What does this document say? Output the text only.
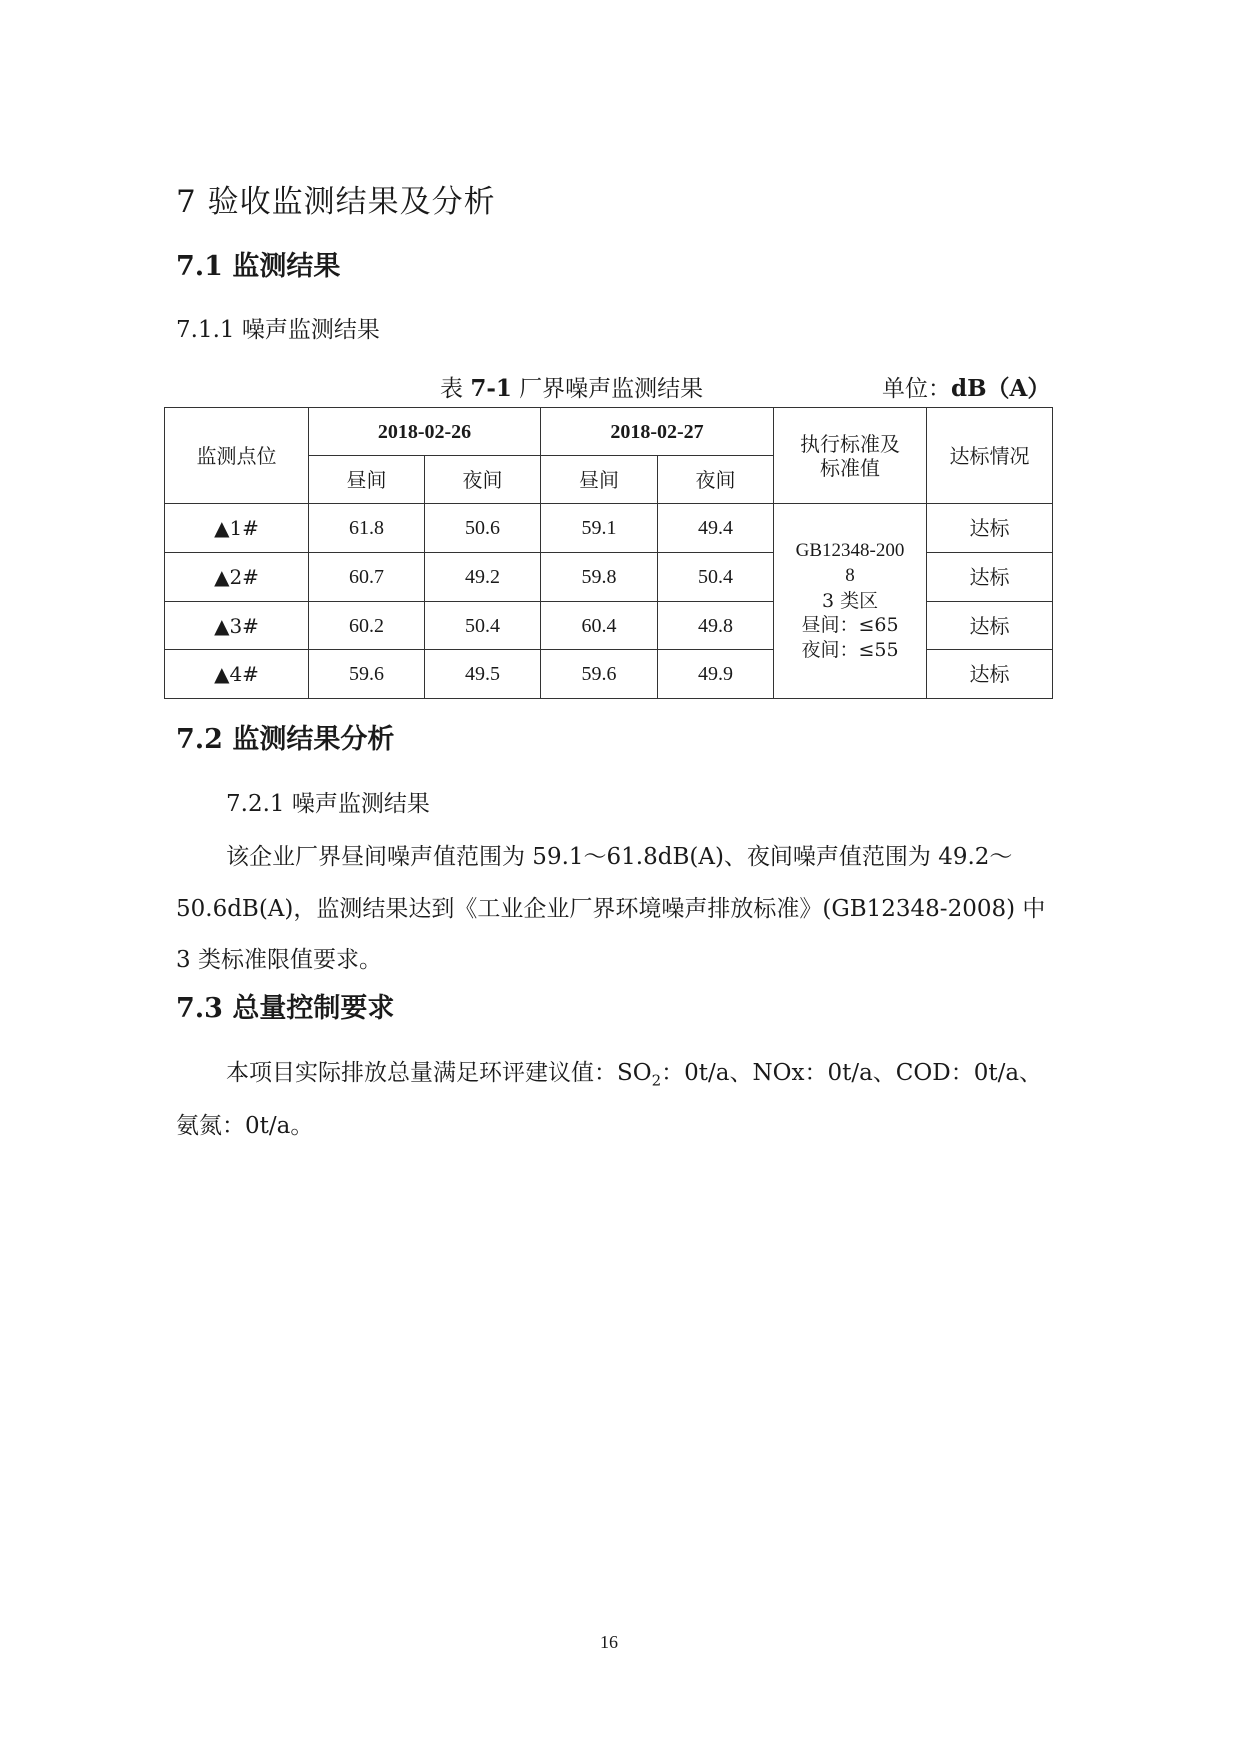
7 验收监测结果及分析
7.1 监测结果
7.1.1 噪声监测结果
表 7-1 厂界噪声监测结果	单位：dB（A）
监测点位	2018-02-26		2018-02-27		执行标准及标准值	达标情况
	昼间	夜间	昼间	夜间		
▲1#	61.8	50.6	59.1	49.4	GB12348-200
8
3 类区
昼间：≤65
夜间：≤55	达标
▲2#	60.7	49.2	59.8	50.4		达标
▲3#	60.2	50.4	60.4	49.8		达标
▲4#	59.6	49.5	59.6	49.9		达标
7.2 监测结果分析
7.2.1 噪声监测结果
该企业厂界昼间噪声值范围为 59.1～61.8dB(A)、夜间噪声值范围为 49.2～
50.6dB(A)，监测结果达到《工业企业厂界环境噪声排放标准》(GB12348-2008) 中
3 类标准限值要求。
7.3 总量控制要求
本项目实际排放总量满足环评建议值：$SO_2$：0t/a、NOx：0t/a、COD：0t/a、
氨氮：0t/a。
16
